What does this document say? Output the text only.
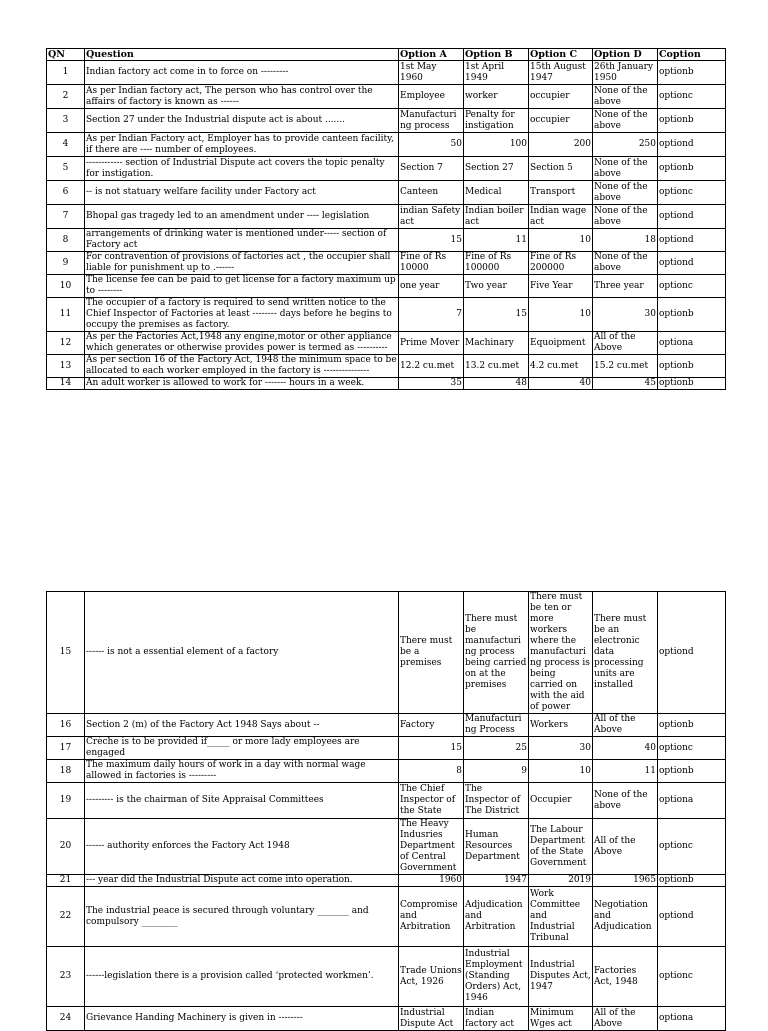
QN	Question	Option A	Option B	Option C	Option D	Coption
1	Indian factory act come in to force on ---------	1st May 1960	1st April 1949	15th August 1947	26th January 1950	optionb
2	As per Indian factory act, The person who has control over the affairs of factory is known as ------	Employee	worker	occupier	None of the above	optionc
3	Section 27 under the Industrial dispute act is about .......	Manufacturi ng process	Penalty for instigation	occupier	None of the above	optionb
4	As per Indian Factory act, Employer has to provide canteen facility, if there are ---- number of employees.	50	100	200	250	optiond
5	------------ section of Industrial Dispute act covers the topic penalty for instigation.	Section 7	Section 27	Section 5	None of the above	optionb
6	-- is not statuary welfare facility under Factory act	Canteen	Medical	Transport	None of the above	optionc
7	Bhopal gas tragedy led to an amendment under ---- legislation	indian Safety act	Indian boiler act	Indian wage act	None of the above	optiond
8	arrangements of drinking water is mentioned under----- section of Factory act	15	11	10	18	optiond
9	For contravention of provisions of factories act , the occupier shall liable for punishment up to .------	Fine of Rs 10000	Fine of Rs 100000	Fine of Rs 200000	None of the above	optiond
10	The license fee can be paid to get license for a factory maximum up to --------	one year	Two year	Five Year	Three year	optionc
11	The occupier of a factory is required to send written notice to the Chief Inspector of Factories at least -------- days before he begins to occupy the premises as factory.	7	15	10	30	optionb
12	As per the Factories Act,1948 any engine,motor or other appliance which generates or otherwise provides power is termed as ----------	Prime Mover	Machinary	Equoipment	All of the Above	optiona
13	As per section 16 of the Factory Act, 1948 the minimum space to be allocated to each worker employed in the factory is ---------------	12.2 cu.met	13.2 cu.met	4.2 cu.met	15.2 cu.met	optionb
14	An adult worker is allowed to work for ------- hours in a week.	35	48	40	45	optionb
15	------ is not a essential element of a factory	There must be a premises	There must be manufacturi ng process being carried on at the premises	There must be ten or more workers where the manufacturi ng process is being carried on with the aid of power	There must be an electronic data processing units are installed	optiond
16	Section 2 (m) of the Factory Act 1948 Says about --	Factory	Manufacturi ng Process	Workers	All of the Above	optionb
17	Crèche is to be provided if_____ or more lady employees are engaged	15	25	30	40	optionc
18	The maximum daily hours of work in a day with normal wage allowed in factories is ---------	8	9	10	11	optionb
19	--------- is the chairman of Site Appraisal Committees	The Chief Inspector of the State	The Inspector of The District	Occupier	None of the above	optiona
20	------ authority enforces the Factory Act 1948	The Heavy Indusries Department of Central Government	Human Resources Department	The Labour Department of the State Government	All of the Above	optionc
21	--- year did the Industrial Dispute act come into operation.	1960	1947	2019	1965	optionb
22	The industrial peace is secured through voluntary _______ and compulsory ________	Compromise and Arbitration	Adjudication and Arbitration	Work Committee and Industrial Tribunal	Negotiation and Adjudication	optiond
23	------legislation there is a provision called ‘protected workmen’.	Trade Unions Act, 1926	Industrial Employment (Standing Orders) Act, 1946	Industrial Disputes Act, 1947	Factories Act, 1948	optionc
24	Grievance Handing Machinery is given in --------	Industrial Dispute Act	Indian factory act	Minimum Wges act	All of the Above	optiona
